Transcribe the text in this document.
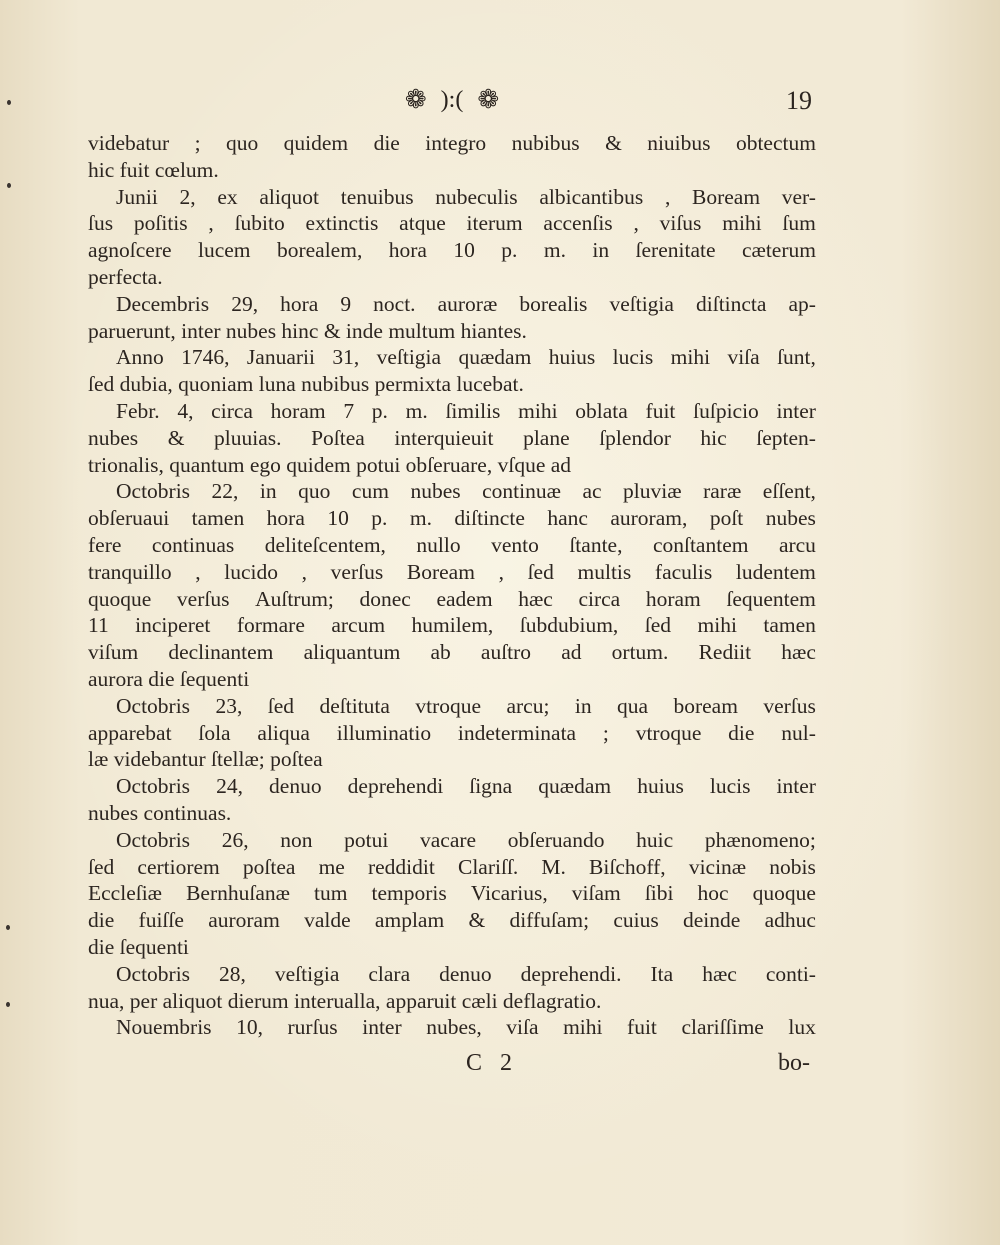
❁ ):( ❁	19
videbatur ; quo quidem die integro nubibus & niuibus obtectum
hic fuit cœlum.
Junii 2, ex aliquot tenuibus nubeculis albicantibus , Boream ver-
ſus poſitis , ſubito extinctis atque iterum accenſis , viſus mihi ſum
agnoſcere lucem borealem, hora 10 p. m. in ſerenitate cæterum
perfecta.
Decembris 29, hora 9 noct. auroræ borealis veſtigia diſtincta ap-
paruerunt, inter nubes hinc & inde multum hiantes.
Anno 1746, Januarii 31, veſtigia quædam huius lucis mihi viſa ſunt,
ſed dubia, quoniam luna nubibus permixta lucebat.
Febr. 4, circa horam 7 p. m. ſimilis mihi oblata fuit ſuſpicio inter
nubes & pluuias. Poſtea interquieuit plane ſplendor hic ſepten-
trionalis, quantum ego quidem potui obſeruare, vſque ad
Octobris 22, in quo cum nubes continuæ ac pluviæ raræ eſſent,
obſeruaui tamen hora 10 p. m. diſtincte hanc auroram, poſt nubes
fere continuas deliteſcentem, nullo vento ſtante, conſtantem arcu
tranquillo , lucido , verſus Boream , ſed multis faculis ludentem
quoque verſus Auſtrum; donec eadem hæc circa horam ſequentem
11 inciperet formare arcum humilem, ſubdubium, ſed mihi tamen
viſum declinantem aliquantum ab auſtro ad ortum. Rediit hæc
aurora die ſequenti
Octobris 23, ſed deſtituta vtroque arcu; in qua boream verſus
apparebat ſola aliqua illuminatio indeterminata ; vtroque die nul-
læ videbantur ſtellæ; poſtea
Octobris 24, denuo deprehendi ſigna quædam huius lucis inter
nubes continuas.
Octobris 26, non potui vacare obſeruando huic phænomeno;
ſed certiorem poſtea me reddidit Clariſſ. M. Biſchoff, vicinæ nobis
Eccleſiæ Bernhuſanæ tum temporis Vicarius, viſam ſibi hoc quoque
die fuiſſe auroram valde amplam & diffuſam; cuius deinde adhuc
die ſequenti
Octobris 28, veſtigia clara denuo deprehendi. Ita hæc conti-
nua, per aliquot dierum interualla, apparuit cæli deflagratio.
Nouembris 10, rurſus inter nubes, viſa mihi fuit clariſſime lux
C 2	bo-
